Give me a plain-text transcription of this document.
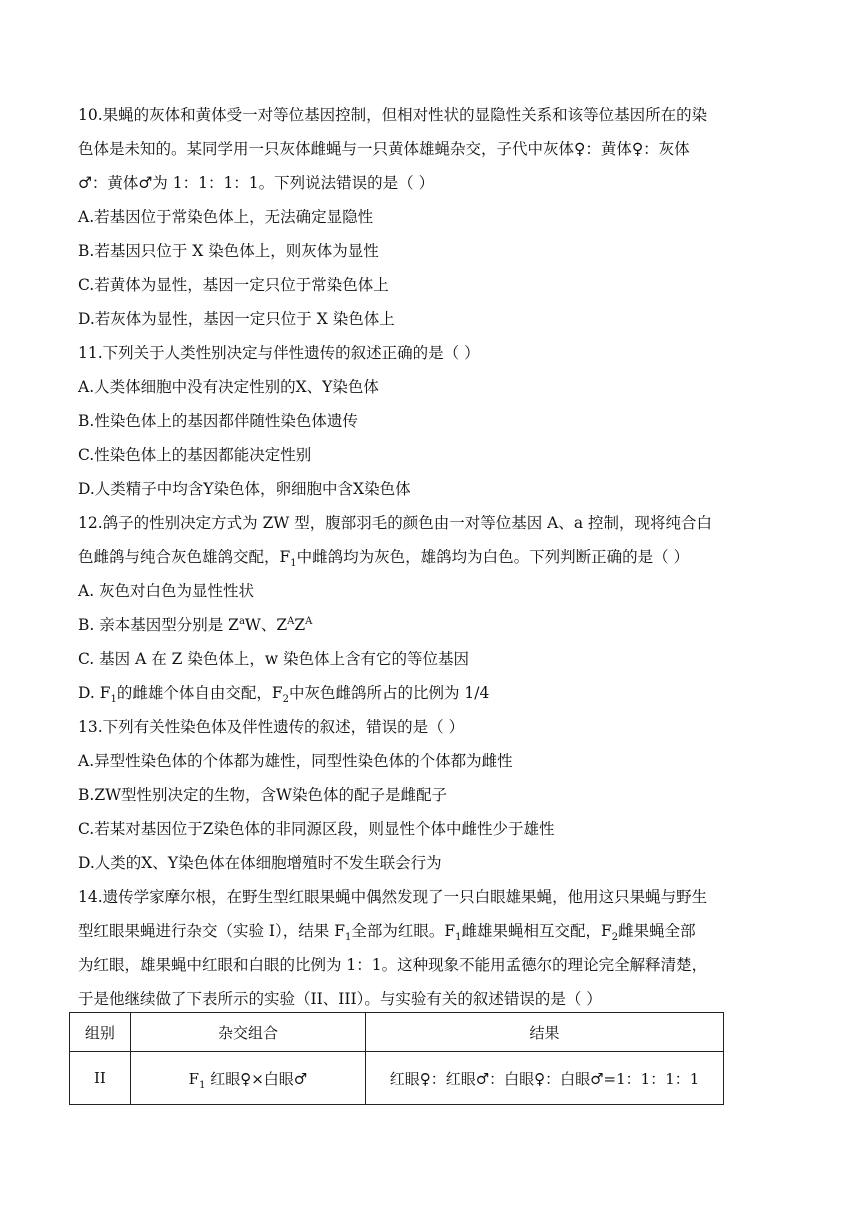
10.果蝇的灰体和黄体受一对等位基因控制，但相对性状的显隐性关系和该等位基因所在的染
色体是未知的。某同学用一只灰体雌蝇与一只黄体雄蝇杂交，子代中灰体♀：黄体♀：灰体
♂：黄体♂为 1：1：1：1。下列说法错误的是（ ）
A.若基因位于常染色体上，无法确定显隐性
B.若基因只位于 X 染色体上，则灰体为显性
C.若黄体为显性，基因一定只位于常染色体上
D.若灰体为显性，基因一定只位于 X 染色体上
11.下列关于人类性别决定与伴性遗传的叙述正确的是（ ）
A.人类体细胞中没有决定性别的X、Y染色体
B.性染色体上的基因都伴随性染色体遗传
C.性染色体上的基因都能决定性别
D.人类精子中均含Y染色体，卵细胞中含X染色体
12.鸽子的性别决定方式为 ZW 型，腹部羽毛的颜色由一对等位基因 A、a 控制，现将纯合白
色雌鸽与纯合灰色雄鸽交配，$F_1$中雌鸽均为灰色，雄鸽均为白色。下列判断正确的是（ ）
A. 灰色对白色为显性性状
B. 亲本基因型分别是 $Z^aW$、$Z^AZ^A$
C. 基因 A 在 Z 染色体上，w 染色体上含有它的等位基因
D. $F_1$的雌雄个体自由交配，$F_2$中灰色雌鸽所占的比例为 1/4
13.下列有关性染色体及伴性遗传的叙述，错误的是（ ）
A.异型性染色体的个体都为雄性，同型性染色体的个体都为雌性
B.ZW型性别决定的生物，含W染色体的配子是雌配子
C.若某对基因位于Z染色体的非同源区段，则显性个体中雌性少于雄性
D.人类的X、Y染色体在体细胞增殖时不发生联会行为
14.遗传学家摩尔根，在野生型红眼果蝇中偶然发现了一只白眼雄果蝇，他用这只果蝇与野生
型红眼果蝇进行杂交（实验 I），结果 $F_1$全部为红眼。$F_1$雌雄果蝇相互交配，$F_2$雌果蝇全部
为红眼，雄果蝇中红眼和白眼的比例为 1：1。这种现象不能用孟德尔的理论完全解释清楚，
于是他继续做了下表所示的实验（II、III）。与实验有关的叙述错误的是（ ）
组别	杂交组合	结果
II	$F_1$ 红眼♀×白眼♂	红眼♀：红眼♂：白眼♀：白眼♂=1：1：1：1
